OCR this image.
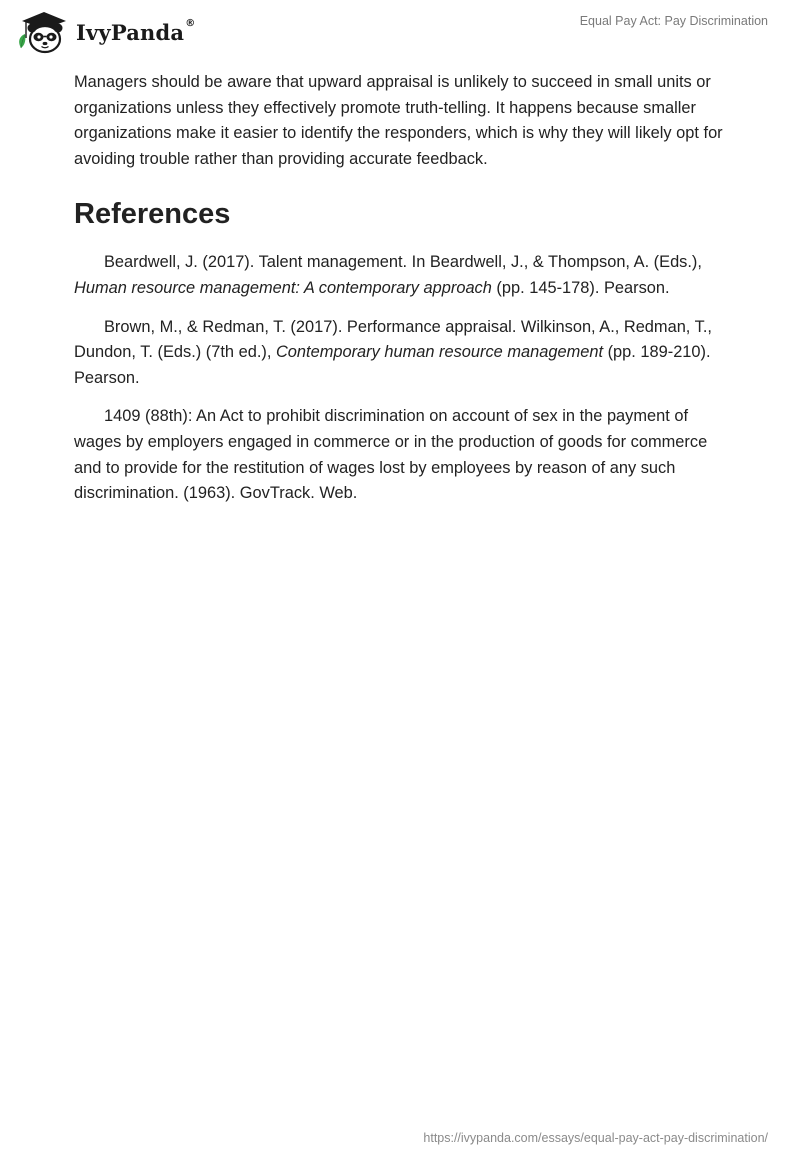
IvyPanda®	Equal Pay Act: Pay Discrimination

Managers should be aware that upward appraisal is unlikely to succeed in small units or organizations unless they effectively promote truth-telling. It happens because smaller organizations make it easier to identify the responders, which is why they will likely opt for avoiding trouble rather than providing accurate feedback.

References

Beardwell, J. (2017). Talent management. In Beardwell, J., & Thompson, A. (Eds.), Human resource management: A contemporary approach (pp. 145-178). Pearson.

Brown, M., & Redman, T. (2017). Performance appraisal. Wilkinson, A., Redman, T., Dundon, T. (Eds.) (7th ed.), Contemporary human resource management (pp. 189-210). Pearson.

1409 (88th): An Act to prohibit discrimination on account of sex in the payment of wages by employers engaged in commerce or in the production of goods for commerce and to provide for the restitution of wages lost by employees by reason of any such discrimination. (1963). GovTrack. Web.

https://ivypanda.com/essays/equal-pay-act-pay-discrimination/
